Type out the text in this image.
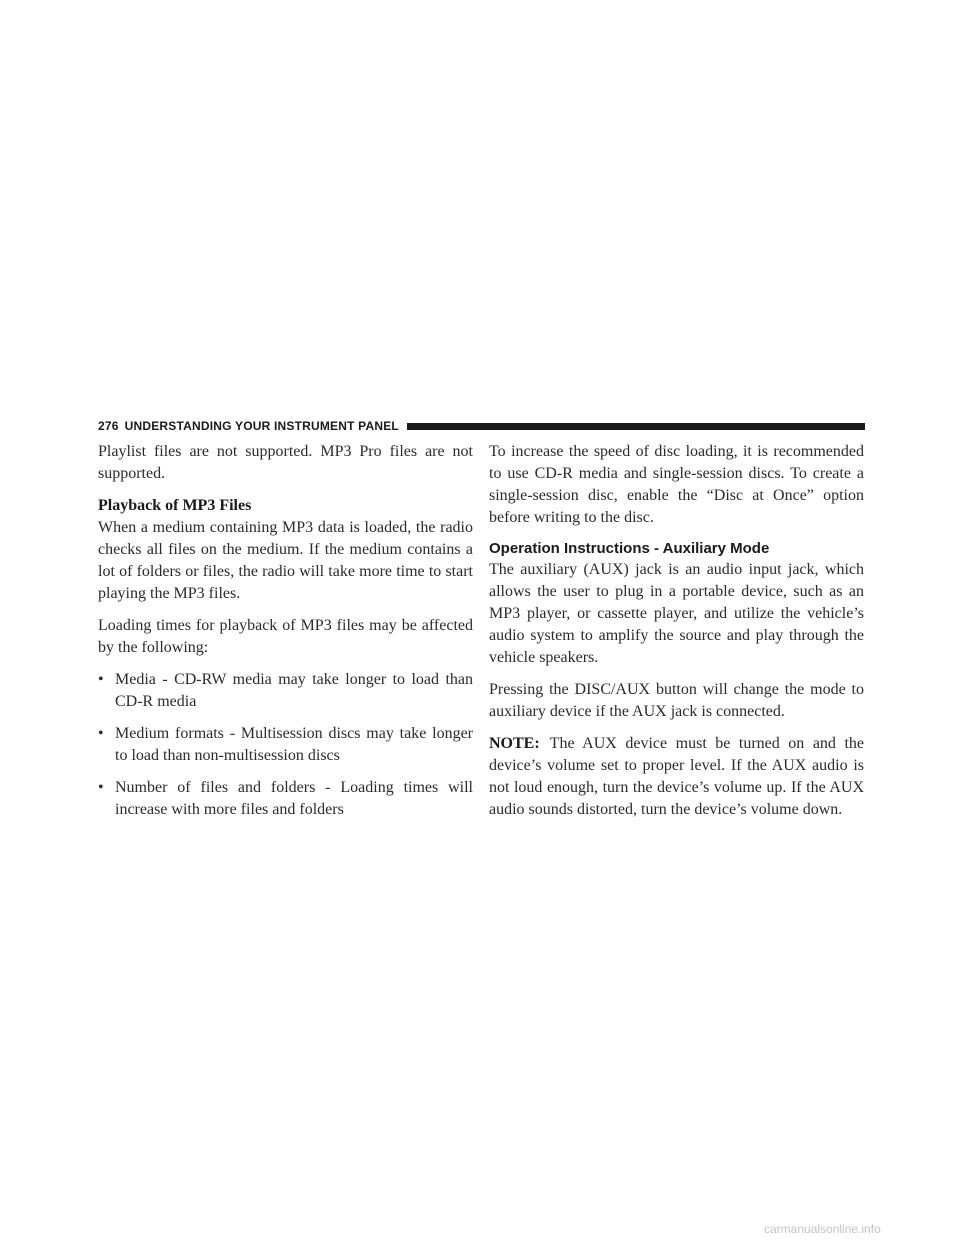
276 UNDERSTANDING YOUR INSTRUMENT PANEL

Playlist files are not supported. MP3 Pro files are not supported.

Playback of MP3 Files

When a medium containing MP3 data is loaded, the radio checks all files on the medium. If the medium contains a lot of folders or files, the radio will take more time to start playing the MP3 files.

Loading times for playback of MP3 files may be affected by the following:

• Media - CD-RW media may take longer to load than CD-R media
• Medium formats - Multisession discs may take longer to load than non-multisession discs
• Number of files and folders - Loading times will increase with more files and folders

To increase the speed of disc loading, it is recommended to use CD-R media and single-session discs. To create a single-session disc, enable the “Disc at Once” option before writing to the disc.

Operation Instructions - Auxiliary Mode

The auxiliary (AUX) jack is an audio input jack, which allows the user to plug in a portable device, such as an MP3 player, or cassette player, and utilize the vehicle’s audio system to amplify the source and play through the vehicle speakers.

Pressing the DISC/AUX button will change the mode to auxiliary device if the AUX jack is connected.

NOTE: The AUX device must be turned on and the device’s volume set to proper level. If the AUX audio is not loud enough, turn the device’s volume up. If the AUX audio sounds distorted, turn the device’s volume down.

carmanualsonline.info
